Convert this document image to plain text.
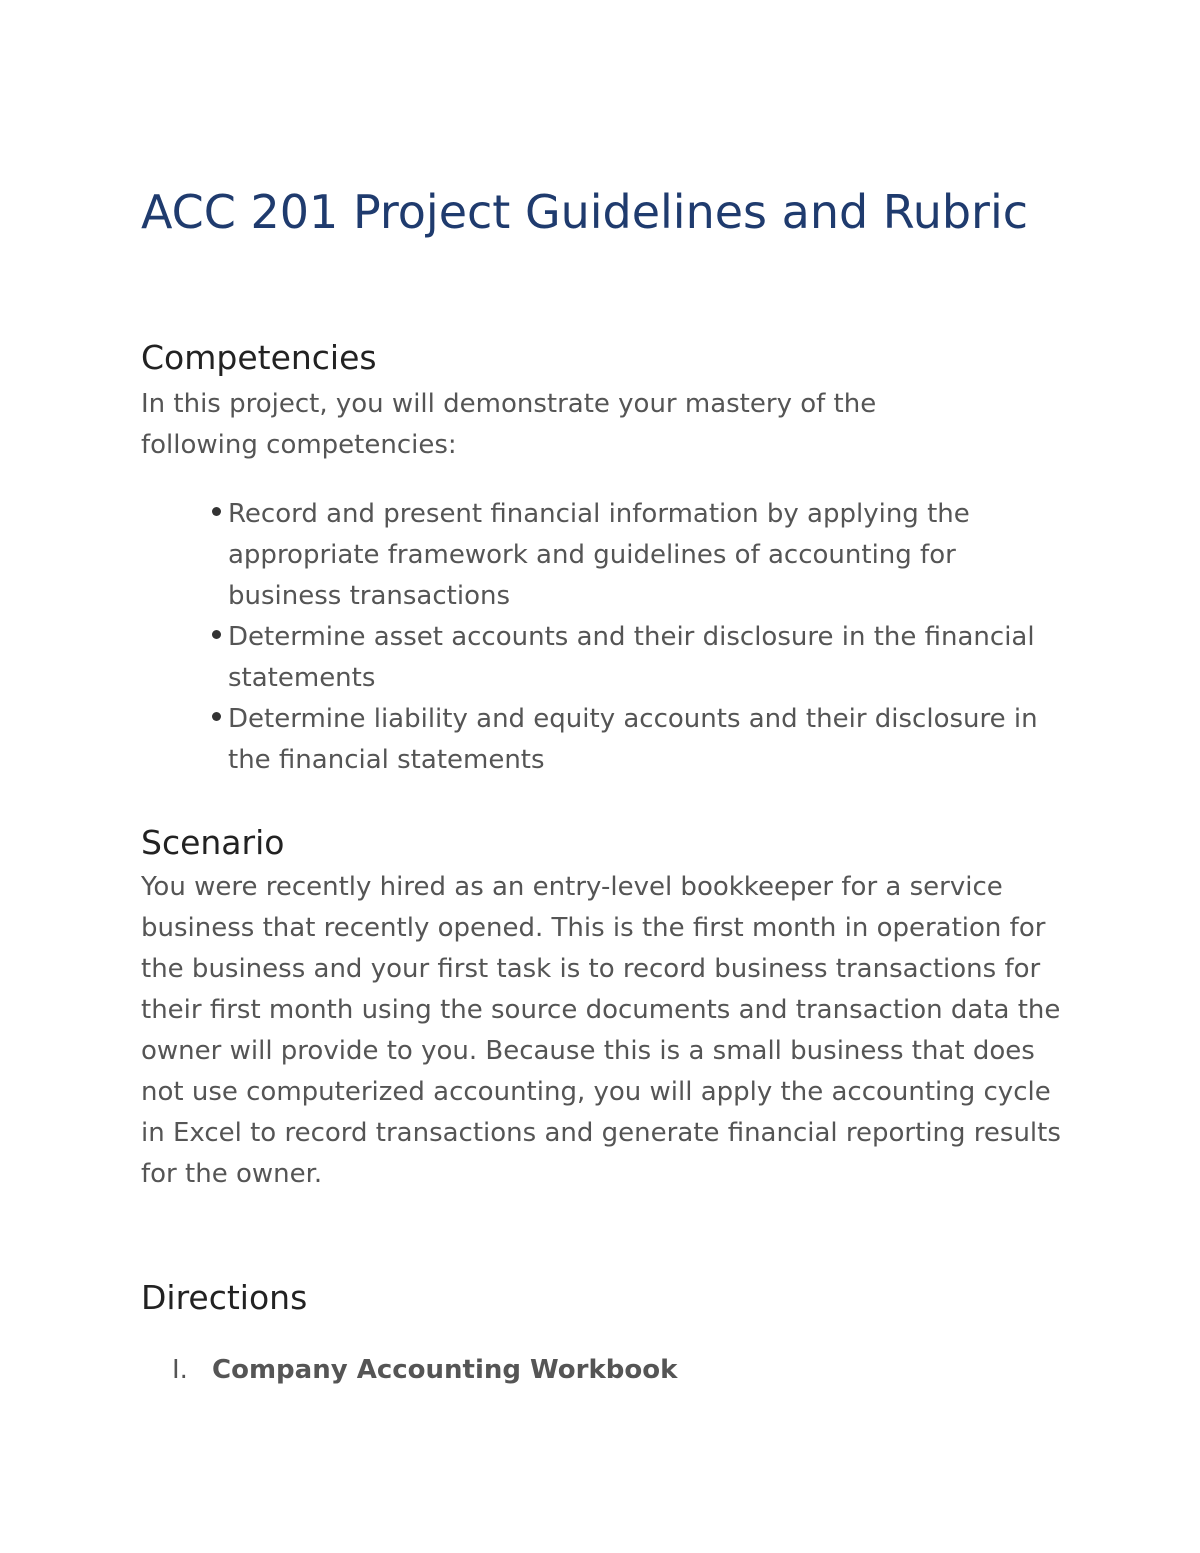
ACC 201 Project Guidelines and Rubric
Competencies

In this project, you will demonstrate your mastery of the following competencies:

Record and present financial information by applying the appropriate framework and guidelines of accounting for business transactions
Determine asset accounts and their disclosure in the financial statements
Determine liability and equity accounts and their disclosure in the financial statements
Scenario

You were recently hired as an entry-level bookkeeper for a service business that recently opened. This is the first month in operation for the business and your first task is to record business transactions for their first month using the source documents and transaction data the owner will provide to you. Because this is a small business that does not use computerized accounting, you will apply the accounting cycle in Excel to record transactions and generate financial reporting results for the owner.

Directions
I. Company Accounting Workbook
